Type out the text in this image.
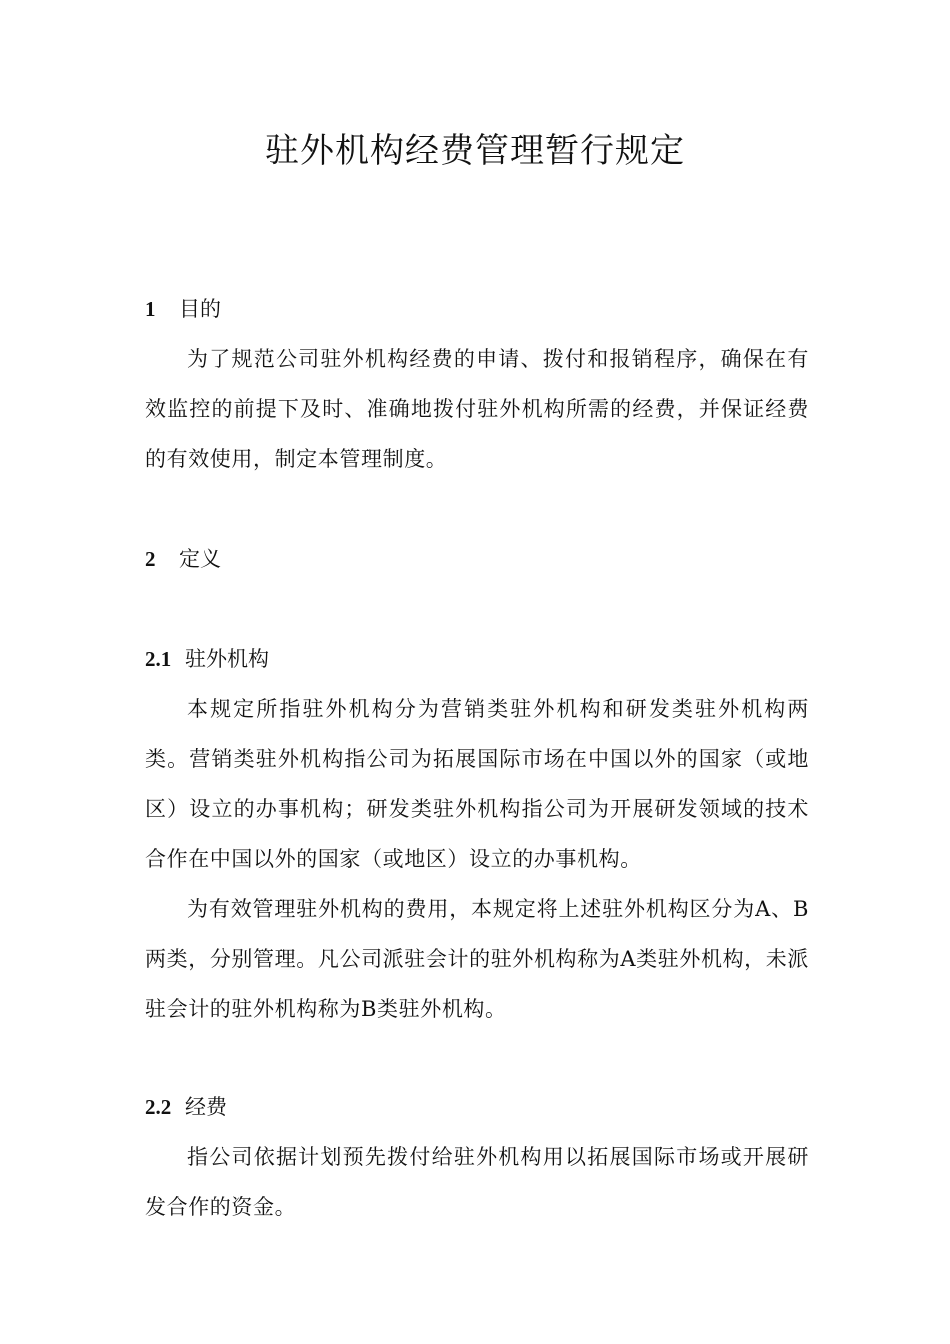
驻外机构经费管理暂行规定
1 目的

为了规范公司驻外机构经费的申请、拨付和报销程序，确保在有效监控的前提下及时、准确地拨付驻外机构所需的经费，并保证经费的有效使用，制定本管理制度。

2 定义
2.1 驻外机构

本规定所指驻外机构分为营销类驻外机构和研发类驻外机构两类。营销类驻外机构指公司为拓展国际市场在中国以外的国家（或地区）设立的办事机构；研发类驻外机构指公司为开展研发领域的技术合作在中国以外的国家（或地区）设立的办事机构。

为有效管理驻外机构的费用，本规定将上述驻外机构区分为A、B两类，分别管理。凡公司派驻会计的驻外机构称为A类驻外机构，未派驻会计的驻外机构称为B类驻外机构。

2.2 经费

指公司依据计划预先拨付给驻外机构用以拓展国际市场或开展研发合作的资金。
